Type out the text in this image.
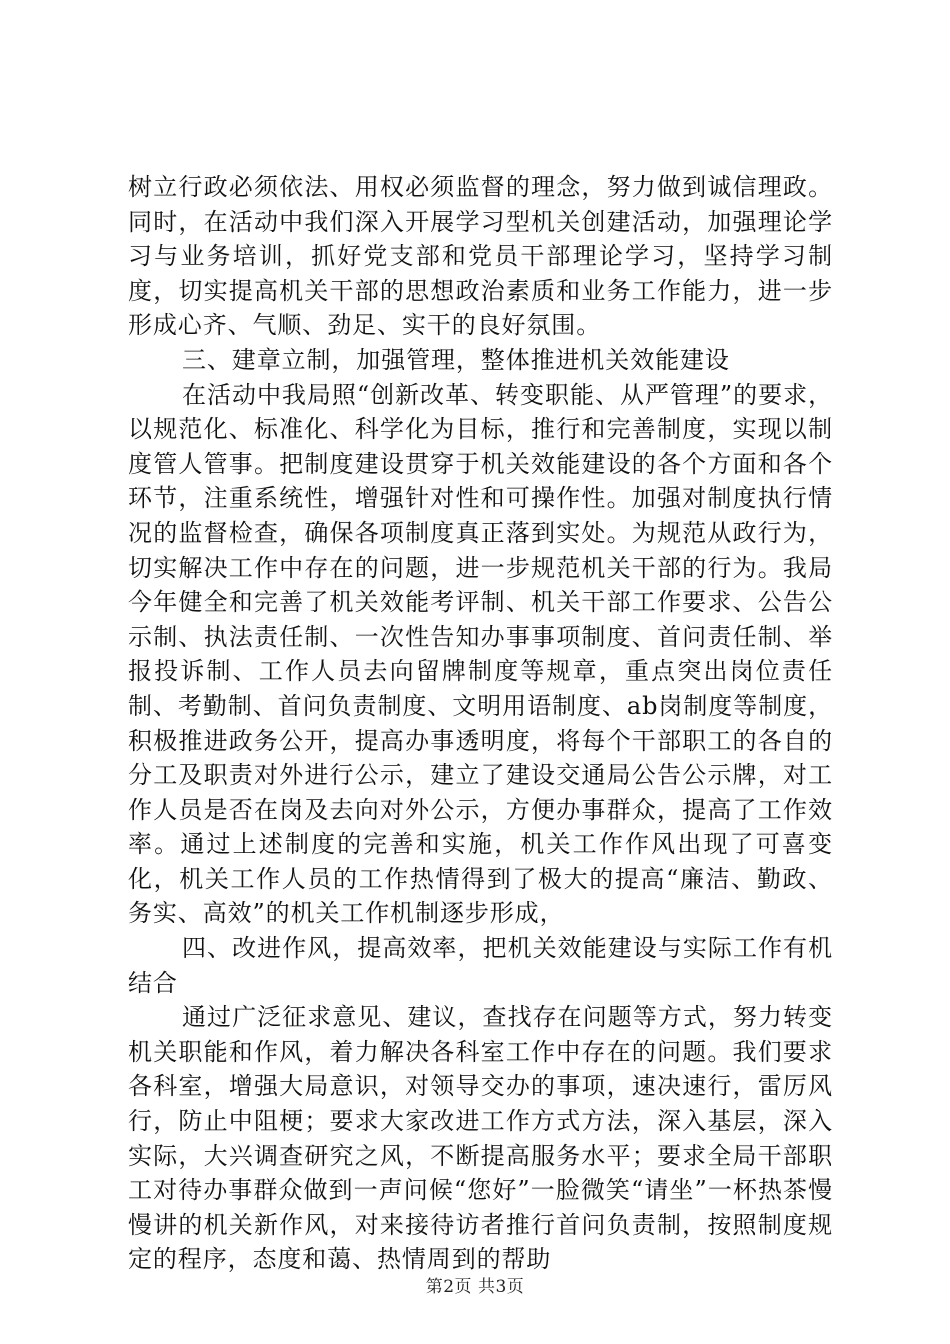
树立行政必须依法、用权必须监督的理念，努力做到诚信理政。同时，在活动中我们深入开展学习型机关创建活动，加强理论学习与业务培训，抓好党支部和党员干部理论学习，坚持学习制度，切实提高机关干部的思想政治素质和业务工作能力，进一步形成心齐、气顺、劲足、实干的良好氛围。

三、建章立制，加强管理，整体推进机关效能建设

在活动中我局照“创新改革、转变职能、从严管理”的要求，以规范化、标准化、科学化为目标，推行和完善制度，实现以制度管人管事。把制度建设贯穿于机关效能建设的各个方面和各个环节，注重系统性，增强针对性和可操作性。加强对制度执行情况的监督检查，确保各项制度真正落到实处。为规范从政行为，切实解决工作中存在的问题，进一步规范机关干部的行为。我局今年健全和完善了机关效能考评制、机关干部工作要求、公告公示制、执法责任制、一次性告知办事事项制度、首问责任制、举报投诉制、工作人员去向留牌制度等规章，重点突出岗位责任制、考勤制、首问负责制度、文明用语制度、ab岗制度等制度，积极推进政务公开，提高办事透明度，将每个干部职工的各自的分工及职责对外进行公示，建立了建设交通局公告公示牌，对工作人员是否在岗及去向对外公示，方便办事群众，提高了工作效率。通过上述制度的完善和实施，机关工作作风出现了可喜变化，机关工作人员的工作热情得到了极大的提高“廉洁、勤政、务实、高效”的机关工作机制逐步形成，

四、改进作风，提高效率，把机关效能建设与实际工作有机结合

通过广泛征求意见、建议，查找存在问题等方式，努力转变机关职能和作风，着力解决各科室工作中存在的问题。我们要求各科室，增强大局意识，对领导交办的事项，速决速行，雷厉风行，防止中阻梗；要求大家改进工作方式方法，深入基层，深入实际，大兴调查研究之风，不断提高服务水平；要求全局干部职工对待办事群众做到一声问候“您好”一脸微笑“请坐”一杯热茶慢慢讲的机关新作风，对来接待访者推行首问负责制，按照制度规定的程序，态度和蔼、热情周到的帮助

第2页 共3页
